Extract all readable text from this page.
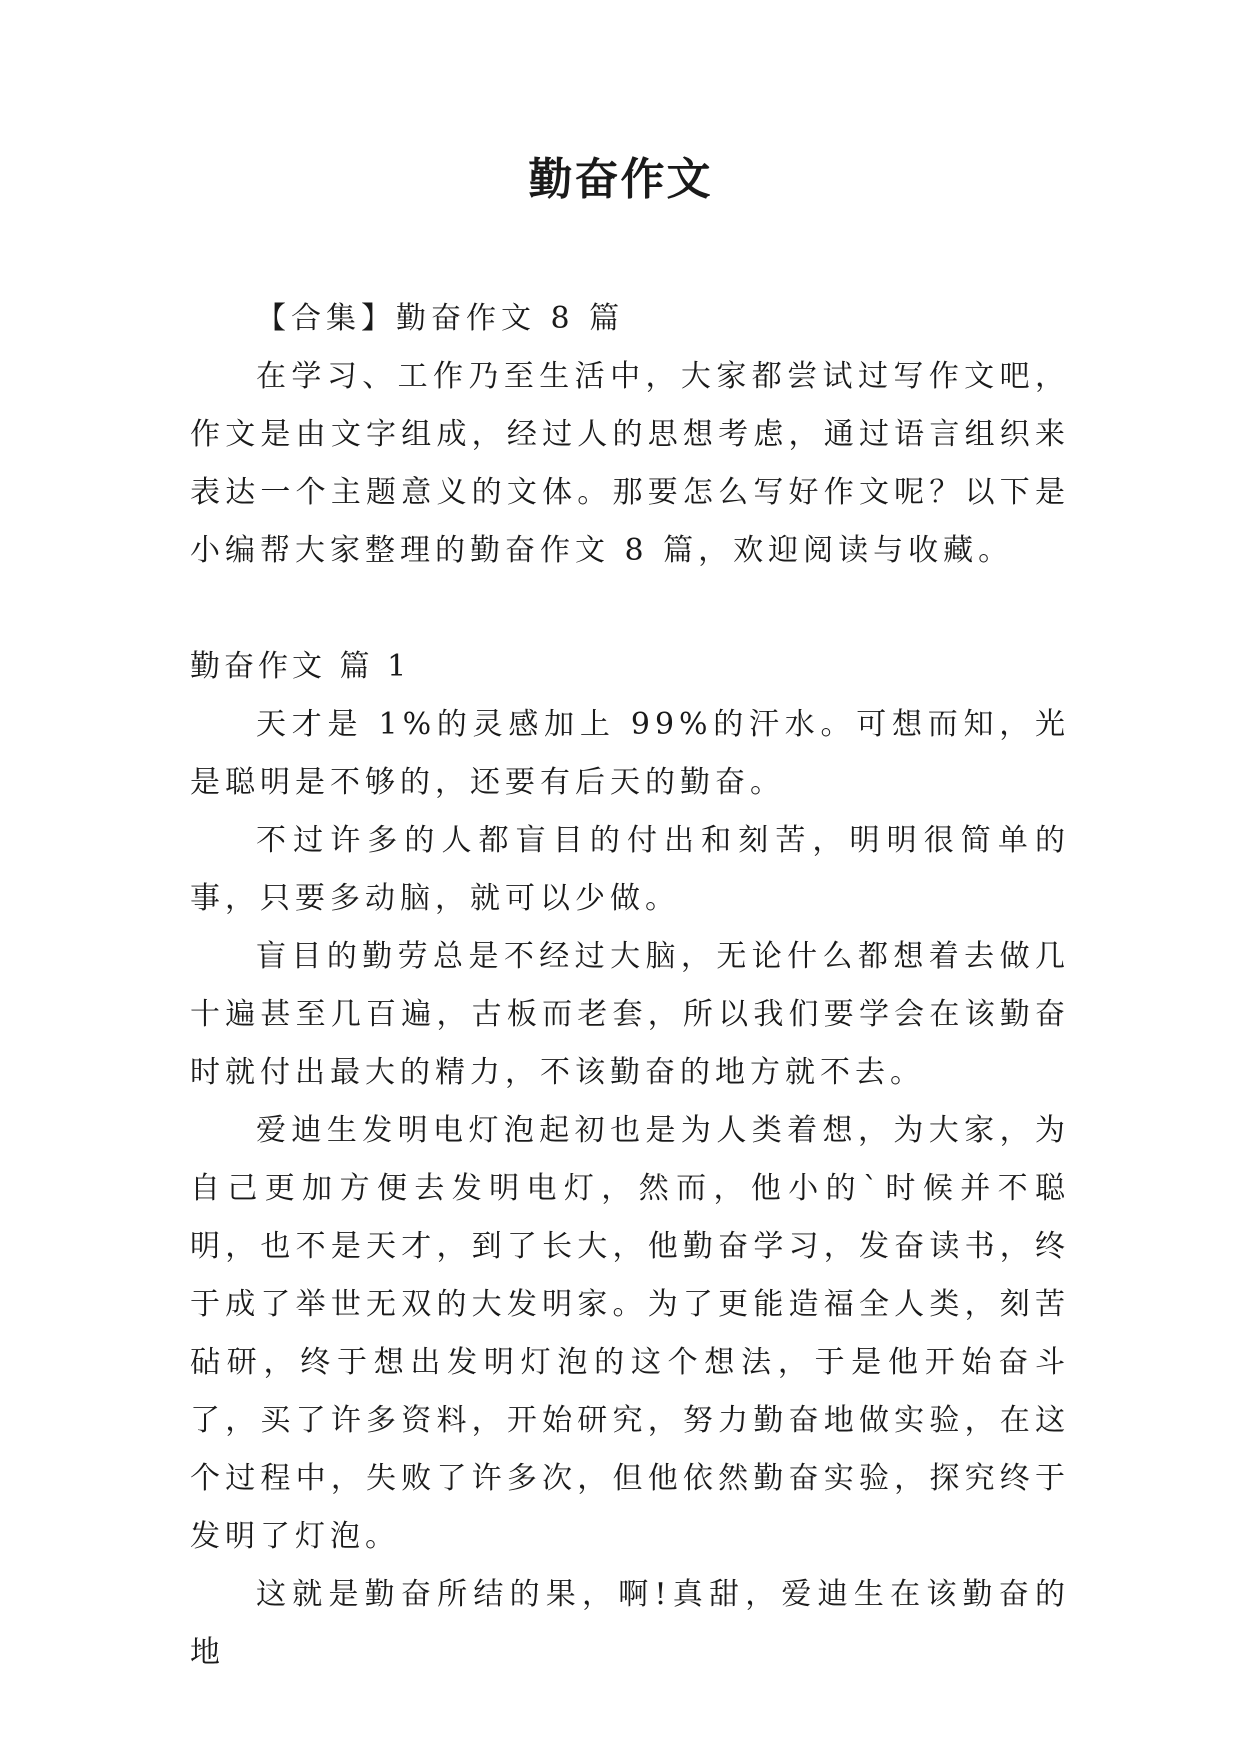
勤奋作文

【合集】勤奋作文 8 篇

在学习、工作乃至生活中，大家都尝试过写作文吧，作文是由文字组成，经过人的思想考虑，通过语言组织来表达一个主题意义的文体。那要怎么写好作文呢？以下是小编帮大家整理的勤奋作文 8 篇，欢迎阅读与收藏。

勤奋作文 篇 1

天才是 1%的灵感加上 99%的汗水。可想而知，光是聪明是不够的，还要有后天的勤奋。

不过许多的人都盲目的付出和刻苦，明明很简单的事，只要多动脑，就可以少做。

盲目的勤劳总是不经过大脑，无论什么都想着去做几十遍甚至几百遍，古板而老套，所以我们要学会在该勤奋时就付出最大的精力，不该勤奋的地方就不去。

爱迪生发明电灯泡起初也是为人类着想，为大家，为自己更加方便去发明电灯，然而，他小的`时候并不聪明，也不是天才，到了长大，他勤奋学习，发奋读书，终于成了举世无双的大发明家。为了更能造福全人类，刻苦砧研，终于想出发明灯泡的这个想法，于是他开始奋斗了，买了许多资料，开始研究，努力勤奋地做实验，在这个过程中，失败了许多次，但他依然勤奋实验，探究终于发明了灯泡。

这就是勤奋所结的果，啊!真甜，爱迪生在该勤奋的地
